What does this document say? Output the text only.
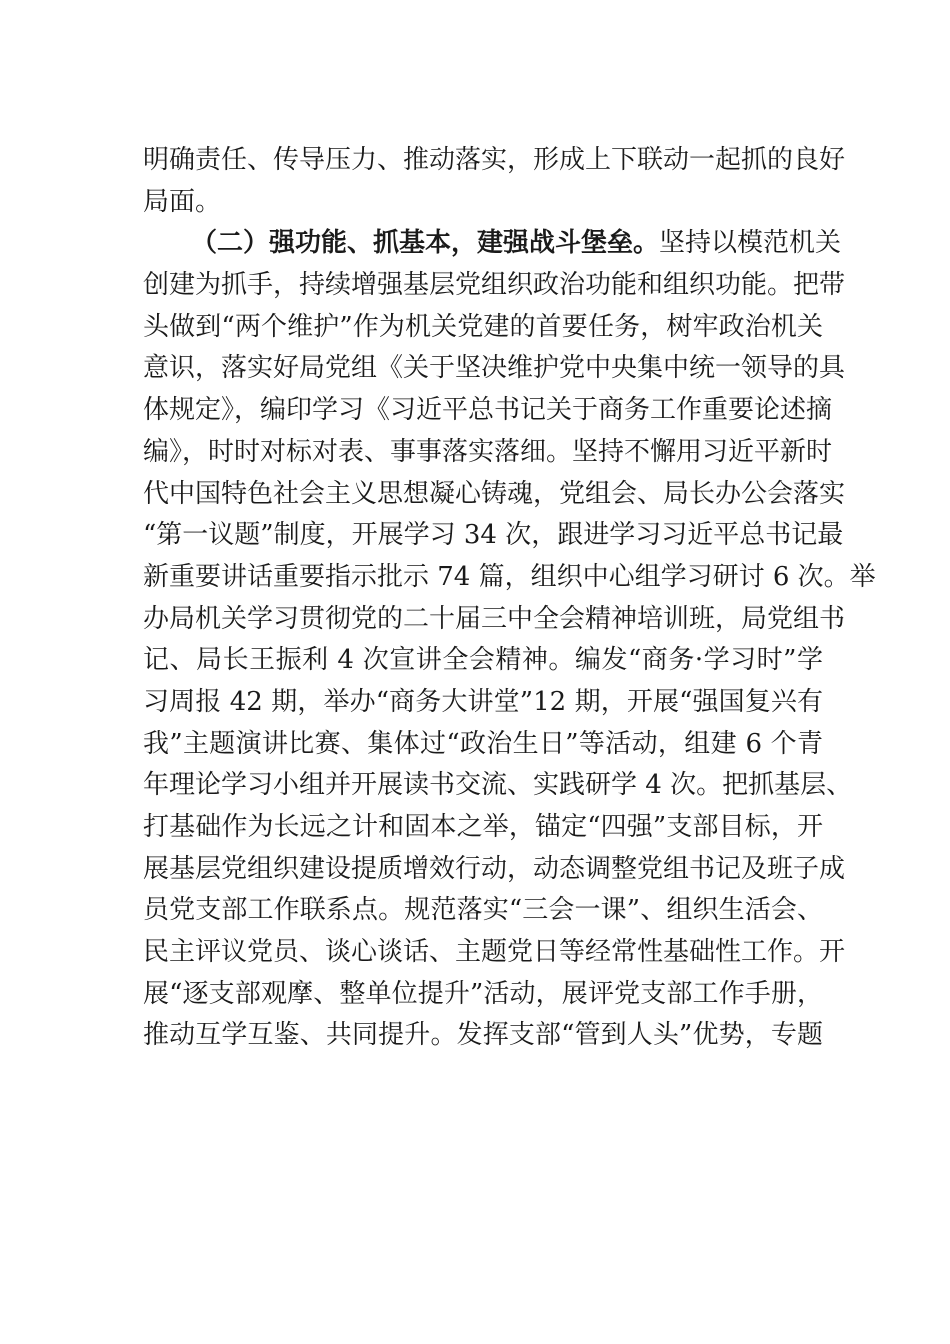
明确责任、传导压力、推动落实，形成上下联动一起抓的良好
局面。
（二）强功能、抓基本，建强战斗堡垒。坚持以模范机关
创建为抓手，持续增强基层党组织政治功能和组织功能。把带
头做到“两个维护”作为机关党建的首要任务，树牢政治机关
意识，落实好局党组《关于坚决维护党中央集中统一领导的具
体规定》，编印学习《习近平总书记关于商务工作重要论述摘
编》，时时对标对表、事事落实落细。坚持不懈用习近平新时
代中国特色社会主义思想凝心铸魂，党组会、局长办公会落实
“第一议题”制度，开展学习 34 次，跟进学习习近平总书记最
新重要讲话重要指示批示 74 篇，组织中心组学习研讨 6 次。举
办局机关学习贯彻党的二十届三中全会精神培训班，局党组书
记、局长王振利 4 次宣讲全会精神。编发“商务·学习时”学
习周报 42 期，举办“商务大讲堂”12 期，开展“强国复兴有
我”主题演讲比赛、集体过“政治生日”等活动，组建 6 个青
年理论学习小组并开展读书交流、实践研学 4 次。把抓基层、
打基础作为长远之计和固本之举，锚定“四强”支部目标，开
展基层党组织建设提质增效行动，动态调整党组书记及班子成
员党支部工作联系点。规范落实“三会一课”、组织生活会、
民主评议党员、谈心谈话、主题党日等经常性基础性工作。开
展“逐支部观摩、整单位提升”活动，展评党支部工作手册，
推动互学互鉴、共同提升。发挥支部“管到人头”优势，专题
